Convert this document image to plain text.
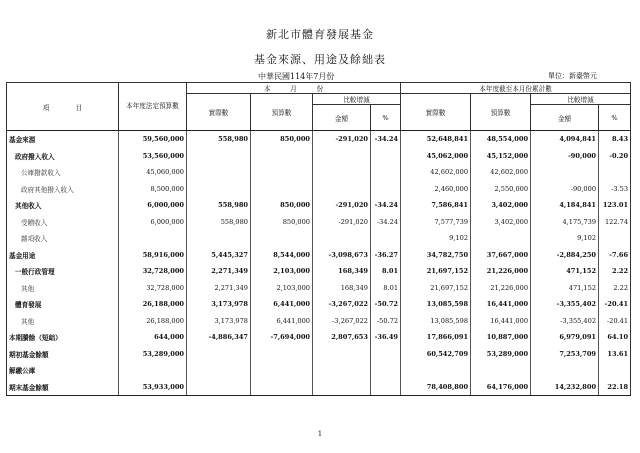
新北市體育發展基金
基金來源、用途及餘絀表
中華民國114年7月份	單位：新臺幣元
項　　　　目	本年度法定預算數	本　　　月　　　份				本年度截至本月份累計數			
		實際數	預算數	比較增減		實際數	預算數	比較增減	
				金額	%			金額	%
基金來源	59,560,000	558,980	850,000	-291,020	-34.24	52,648,841	48,554,000	4,094,841	8.43
政府撥入收入	53,560,000					45,062,000	45,152,000	-90,000	-0.20
公庫撥款收入	45,060,000					42,602,000	42,602,000		
政府其他撥入收入	8,500,000					2,460,000	2,550,000	-90,000	-3.53
其他收入	6,000,000	558,980	850,000	-291,020	-34.24	7,586,841	3,402,000	4,184,841	123.01
受贈收入	6,000,000	558,980	850,000	-291,020	-34.24	7,577,739	3,402,000	4,175,739	122.74
雜項收入						9,102		9,102	
基金用途	58,916,000	5,445,327	8,544,000	-3,098,673	-36.27	34,782,750	37,667,000	-2,884,250	-7.66
一般行政管理	32,728,000	2,271,349	2,103,000	168,349	8.01	21,697,152	21,226,000	471,152	2.22
其他	32,728,000	2,271,349	2,103,000	168,349	8.01	21,697,152	21,226,000	471,152	2.22
體育發展	26,188,000	3,173,978	6,441,000	-3,267,022	-50.72	13,085,598	16,441,000	-3,355,402	-20.41
其他	26,188,000	3,173,978	6,441,000	-3,267,022	-50.72	13,085,598	16,441,000	-3,355,402	-20.41
本期賸餘（短絀）	644,000	-4,886,347	-7,694,000	2,807,653	-36.49	17,866,091	10,887,000	6,979,091	64.10
期初基金餘額	53,289,000					60,542,709	53,289,000	7,253,709	13.61
解繳公庫									
期末基金餘額	53,933,000					78,408,800	64,176,000	14,232,800	22.18
1
